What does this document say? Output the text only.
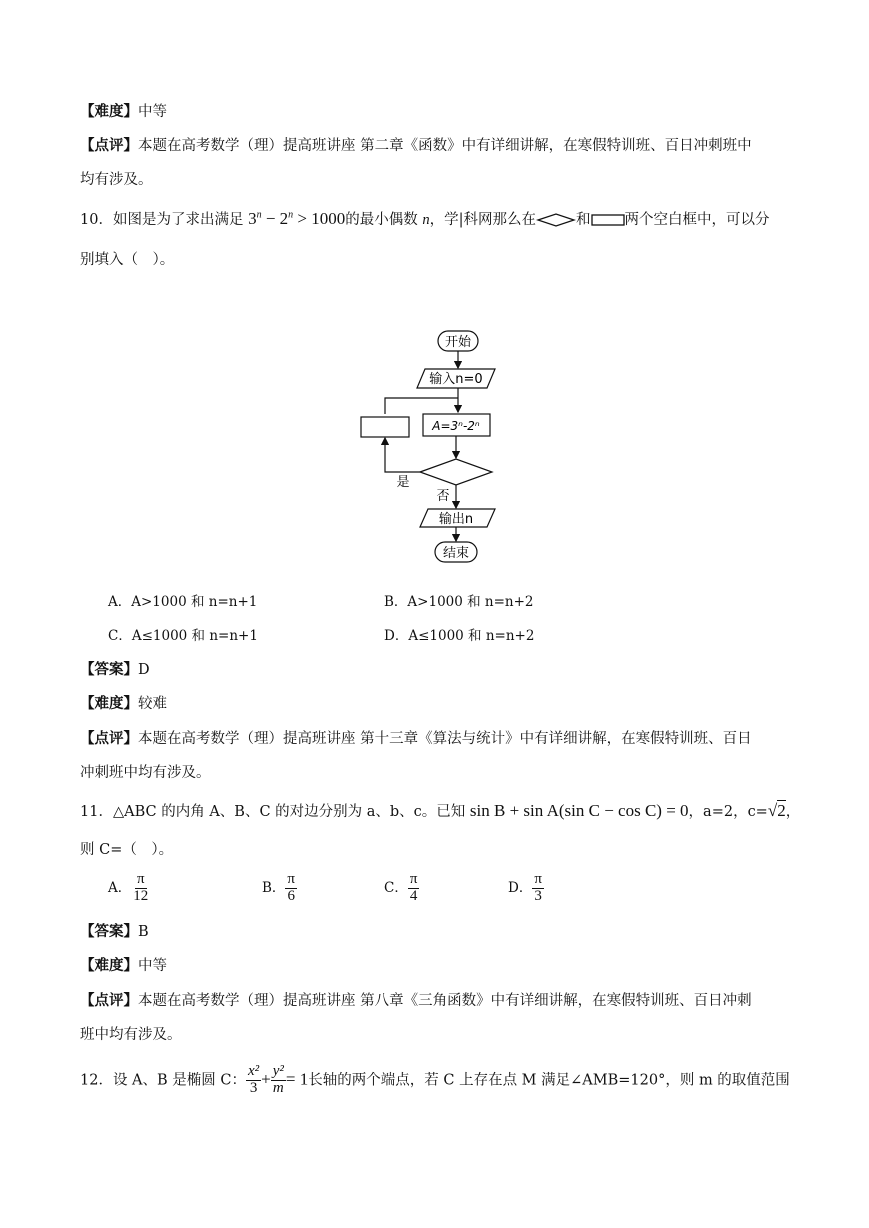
【难度】中等
【点评】本题在高考数学（理）提高班讲座 第二章《函数》中有详细讲解，在寒假特训班、百日冲刺班中
均有涉及。
10．如图是为了求出满足 $3^n - 2^n > 1000$的最小偶数 n，学|科网那么在	和 两个空白框中，可以分
别填入（　）。
开始
输入n=0
A=3ⁿ-2ⁿ
是
否
输出n
结束
A．A>1000 和 n=n+1	B．A>1000 和 n=n+2
C．A≤1000 和 n=n+1	D．A≤1000 和 n=n+2
【答案】D
【难度】较难
【点评】本题在高考数学（理）提高班讲座 第十三章《算法与统计》中有详细讲解，在寒假特训班、百日
冲刺班中均有涉及。
11．△ABC 的内角 A、B、C 的对边分别为 a、b、c。已知 sin B + sin A(sin C − cos C) = 0，a=2，c=√2，
则 C=（　）。
A． $\frac{\pi}{12}$	B． $\frac{\pi}{6}$	C． $\frac{\pi}{4}$	D． $\frac{\pi}{3}$
【答案】B
【难度】中等
【点评】本题在高考数学（理）提高班讲座 第八章《三角函数》中有详细讲解，在寒假特训班、百日冲刺
班中均有涉及。
12．设 A、B 是椭圆 C： $\frac{\text{x²}}{3} + \frac{\text{y²}}{m} = 1$长轴的两个端点，若 C 上存在点 M 满足∠AMB=120°，则 m 的取值范围
